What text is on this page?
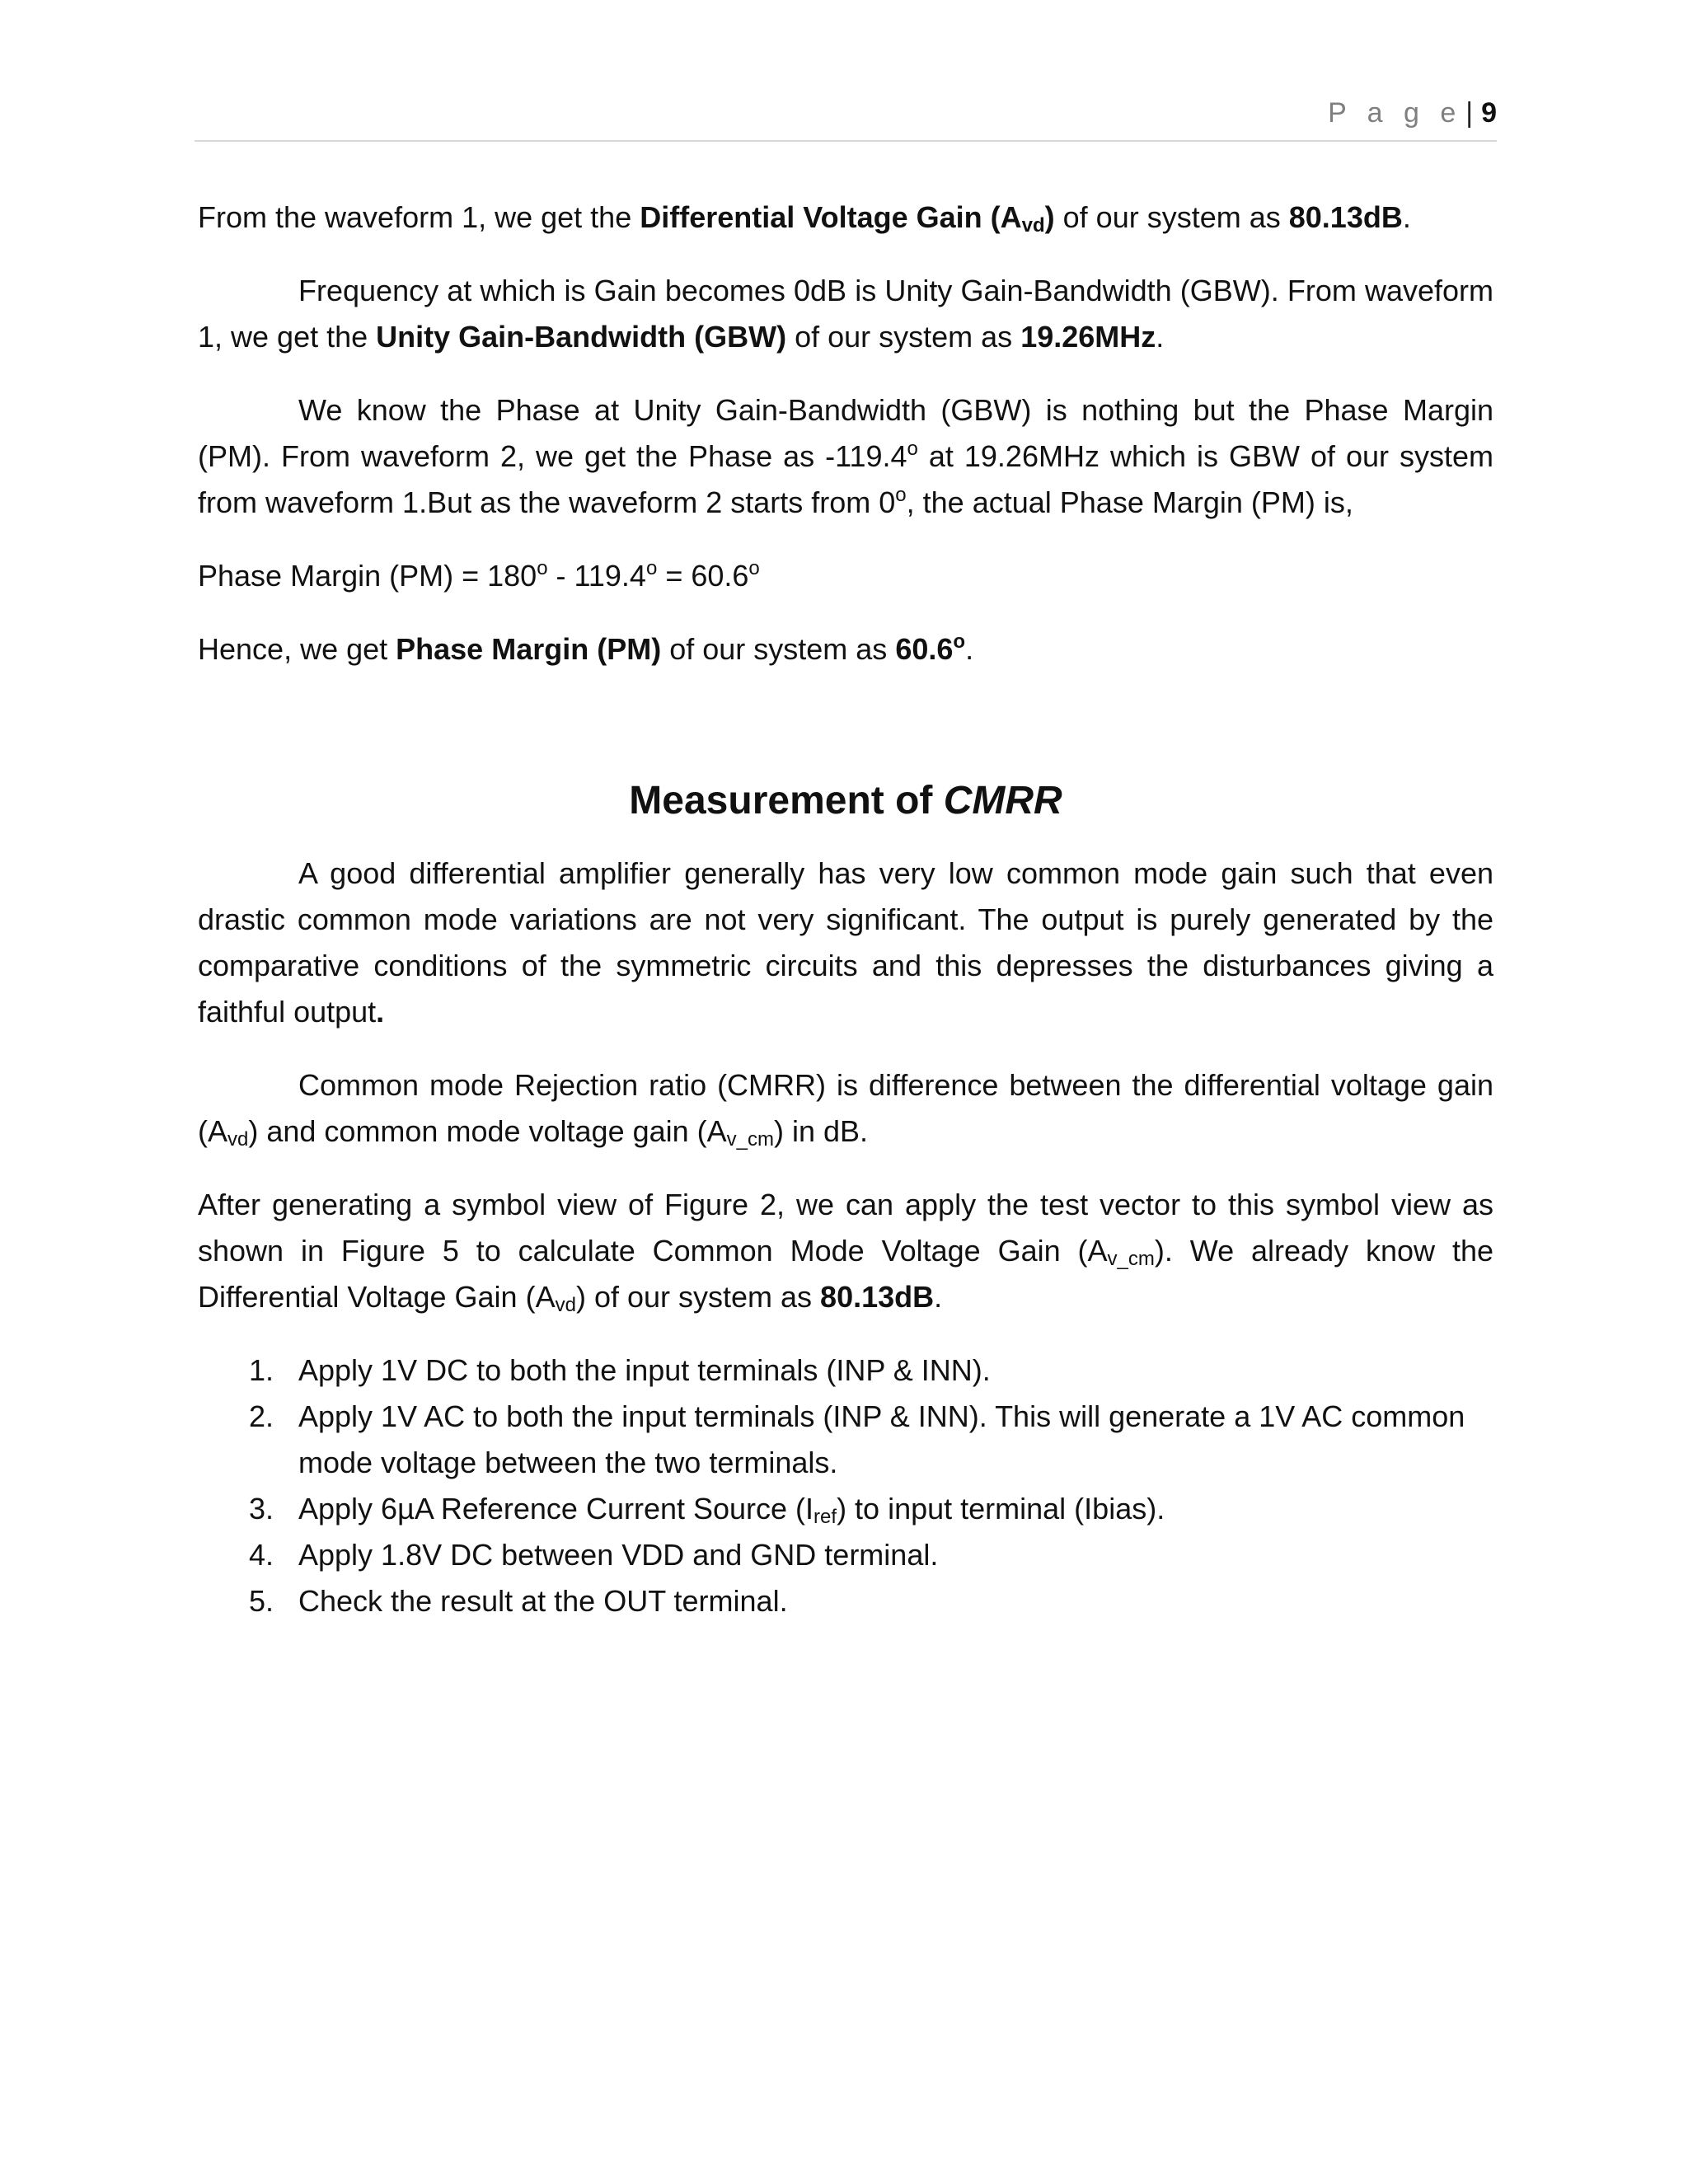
P a g e | 9

From the waveform 1, we get the Differential Voltage Gain $(A_{vd})$ of our system as 80.13dB.

Frequency at which is Gain becomes 0dB is Unity Gain-Bandwidth (GBW). From waveform 1, we get the Unity Gain-Bandwidth (GBW) of our system as 19.26MHz.

We know the Phase at Unity Gain-Bandwidth (GBW) is nothing but the Phase Margin (PM). From waveform 2, we get the Phase as -119.4$^o$ at 19.26MHz which is GBW of our system from waveform 1.But as the waveform 2 starts from 0$^o$, the actual Phase Margin (PM) is,

Phase Margin $(PM) = 180^o - 119.4^o = 60.6^o$

Hence, we get Phase Margin (PM) of our system as 60.6$^o$.

Measurement of CMRR

A good differential amplifier generally has very low common mode gain such that even drastic common mode variations are not very significant. The output is purely generated by the comparative conditions of the symmetric circuits and this depresses the disturbances giving a faithful output.

Common mode Rejection ratio (CMRR) is difference between the differential voltage gain $(A_{vd})$ and common mode voltage gain $(A_{v\_cm})$ in dB.

After generating a symbol view of Figure 2, we can apply the test vector to this symbol view as shown in Figure 5 to calculate Common Mode Voltage Gain $(A_{v\_cm})$. We already know the Differential Voltage Gain $(A_{vd})$ of our system as 80.13dB.

1. Apply 1V DC to both the input terminals (INP & INN).
2. Apply 1V AC to both the input terminals (INP & INN). This will generate a 1V AC common mode voltage between the two terminals.
3. Apply 6µA Reference Current Source $(I_{ref})$ to input terminal (Ibias).
4. Apply 1.8V DC between VDD and GND terminal.
5. Check the result at the OUT terminal.
